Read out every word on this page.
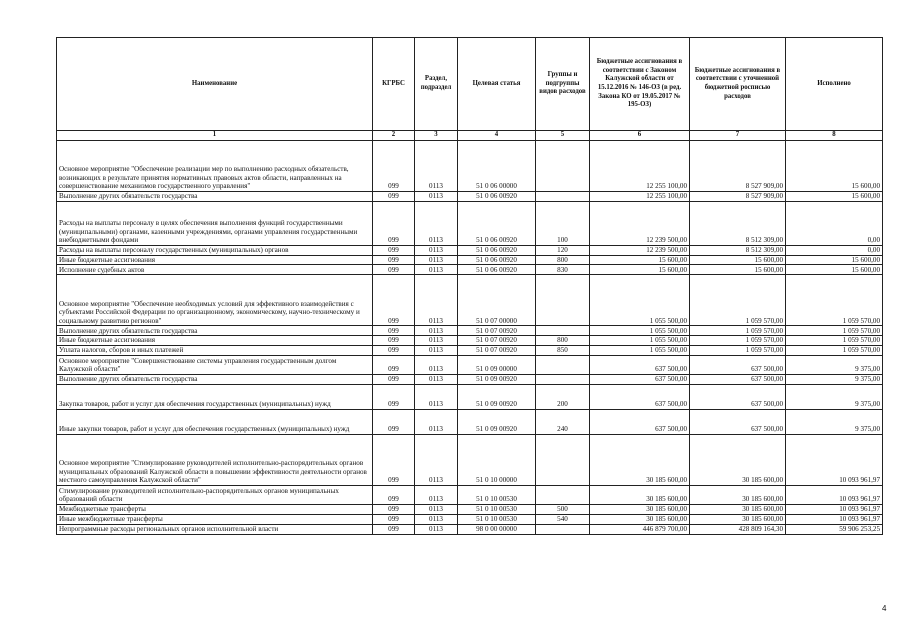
Наименование	КГРБС	Раздел, подраздел	Целевая статья	Группы и подгруппы видов расходов	Бюджетные ассигнования в соответствии с Законом Калужской области от 15.12.2016 № 146-ОЗ (в ред. Закона КО от 19.05.2017 № 195-ОЗ)	Бюджетные ассигнования в соответствии с уточненной бюджетной росписью расходов	Исполнено
1	2	3	4	5	6	7	8
Основное мероприятие "Обеспечение реализации мер по выполнению расходных обязательств, возникающих в результате принятия нормативных правовых актов области, направленных на совершенствование механизмов государственного управления"	099	0113	51 0 06 00000		12 255 100,00	8 527 909,00	15 600,00
Выполнение других обязательств государства	099	0113	51 0 06 00920		12 255 100,00	8 527 909,00	15 600,00
Расходы на выплаты персоналу в целях обеспечения выполнения функций государственными (муниципальными) органами, казенными учреждениями, органами управления государственными внебюджетными фондами	099	0113	51 0 06 00920	100	12 239 500,00	8 512 309,00	0,00
Расходы на выплаты персоналу государственных (муниципальных) органов	099	0113	51 0 06 00920	120	12 239 500,00	8 512 309,00	0,00
Иные бюджетные ассигнования	099	0113	51 0 06 00920	800	15 600,00	15 600,00	15 600,00
Исполнение судебных актов	099	0113	51 0 06 00920	830	15 600,00	15 600,00	15 600,00
Основное мероприятие "Обеспечение необходимых условий для эффективного взаимодействия с субъектами Российской Федерации по организационному, экономическому, научно-техническому и социальному развитию регионов"	099	0113	51 0 07 00000		1 055 500,00	1 059 570,00	1 059 570,00
Выполнение других обязательств государства	099	0113	51 0 07 00920		1 055 500,00	1 059 570,00	1 059 570,00
Иные бюджетные ассигнования	099	0113	51 0 07 00920	800	1 055 500,00	1 059 570,00	1 059 570,00
Уплата налогов, сборов и иных платежей	099	0113	51 0 07 00920	850	1 055 500,00	1 059 570,00	1 059 570,00
Основное мероприятие "Совершенствование системы управления государственным долгом Калужской области"	099	0113	51 0 09 00000		637 500,00	637 500,00	9 375,00
Выполнение других обязательств государства	099	0113	51 0 09 00920		637 500,00	637 500,00	9 375,00
Закупка товаров, работ и услуг для обеспечения государственных (муниципальных) нужд	099	0113	51 0 09 00920	200	637 500,00	637 500,00	9 375,00
Иные закупки товаров, работ и услуг для обеспечения государственных (муниципальных) нужд	099	0113	51 0 09 00920	240	637 500,00	637 500,00	9 375,00
Основное мероприятие "Стимулирование руководителей исполнительно-распорядительных органов муниципальных образований Калужской области в повышении эффективности деятельности органов местного самоуправления Калужской области"	099	0113	51 0 10 00000		30 185 600,00	30 185 600,00	10 093 961,97
Стимулирование руководителей исполнительно-распорядительных органов муниципальных образований области	099	0113	51 0 10 00530		30 185 600,00	30 185 600,00	10 093 961,97
Межбюджетные трансферты	099	0113	51 0 10 00530	500	30 185 600,00	30 185 600,00	10 093 961,97
Иные межбюджетные трансферты	099	0113	51 0 10 00530	540	30 185 600,00	30 185 600,00	10 093 961,97
Непрограммные расходы региональных органов исполнительной власти	099	0113	98 0 00 00000		446 879 700,00	428 809 164,30	59 906 253,25
4
